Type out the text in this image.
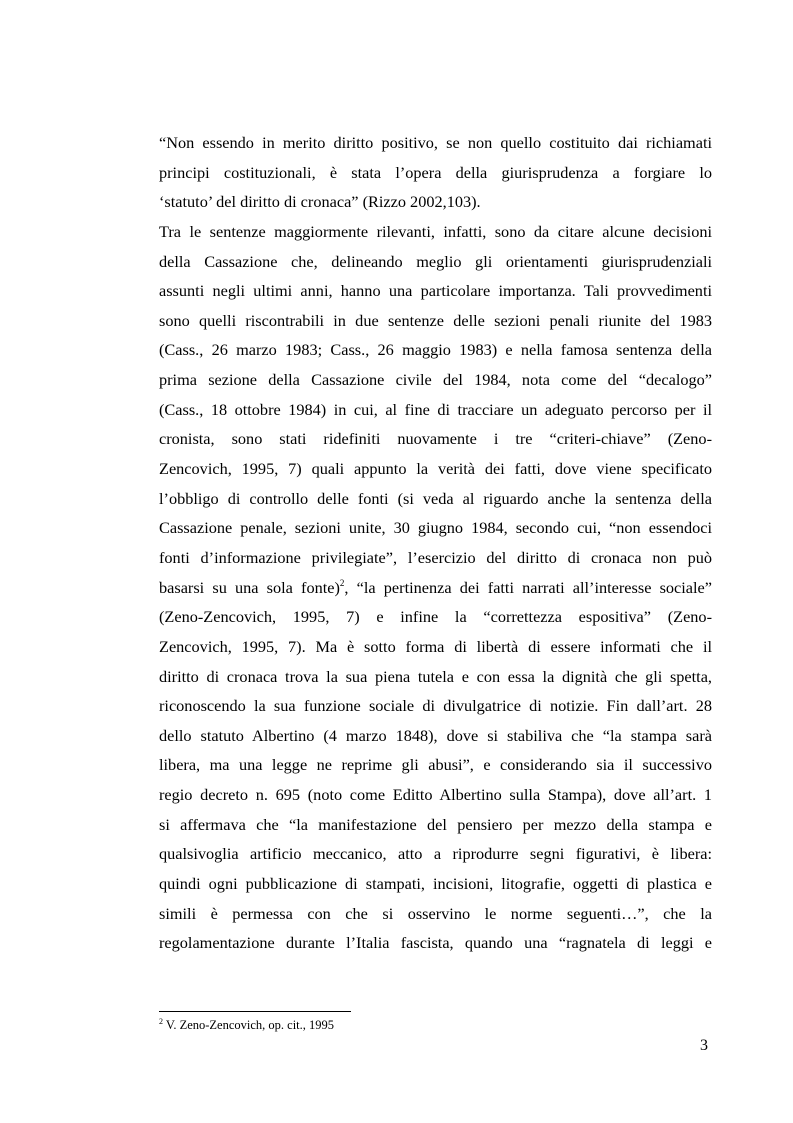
“Non essendo in merito diritto positivo, se non quello costituito dai richiamati
principi costituzionali, è stata l’opera della giurisprudenza a forgiare lo
‘statuto’ del diritto di cronaca” (Rizzo 2002,103).
Tra le sentenze maggiormente rilevanti, infatti, sono da citare alcune decisioni
della Cassazione che, delineando meglio gli orientamenti giurisprudenziali
assunti negli ultimi anni, hanno una particolare importanza. Tali provvedimenti
sono quelli riscontrabili in due sentenze delle sezioni penali riunite del 1983
(Cass., 26 marzo 1983; Cass., 26 maggio 1983) e nella famosa sentenza della
prima sezione della Cassazione civile del 1984, nota come del “decalogo”
(Cass., 18 ottobre 1984) in cui, al fine di tracciare un adeguato percorso per il
cronista, sono stati ridefiniti nuovamente i tre “criteri-chiave” (Zeno-
Zencovich, 1995, 7) quali appunto la verità dei fatti, dove viene specificato
l’obbligo di controllo delle fonti (si veda al riguardo anche la sentenza della
Cassazione penale, sezioni unite, 30 giugno 1984, secondo cui, “non essendoci
fonti d’informazione privilegiate”, l’esercizio del diritto di cronaca non può
basarsi su una sola fonte)$^2$, “la pertinenza dei fatti narrati all’interesse sociale”
(Zeno-Zencovich, 1995, 7) e infine la “correttezza espositiva” (Zeno-
Zencovich, 1995, 7). Ma è sotto forma di libertà di essere informati che il
diritto di cronaca trova la sua piena tutela e con essa la dignità che gli spetta,
riconoscendo la sua funzione sociale di divulgatrice di notizie. Fin dall’art. 28
dello statuto Albertino (4 marzo 1848), dove si stabiliva che “la stampa sarà
libera, ma una legge ne reprime gli abusi”, e considerando sia il successivo
regio decreto n. 695 (noto come Editto Albertino sulla Stampa), dove all’art. 1
si affermava che “la manifestazione del pensiero per mezzo della stampa e
qualsivoglia artificio meccanico, atto a riprodurre segni figurativi, è libera:
quindi ogni pubblicazione di stampati, incisioni, litografie, oggetti di plastica e
simili è permessa con che si osservino le norme seguenti…”, che la
regolamentazione durante l’Italia fascista, quando una “ragnatela di leggi e
$^2$ V. Zeno-Zencovich, op. cit., 1995
3
